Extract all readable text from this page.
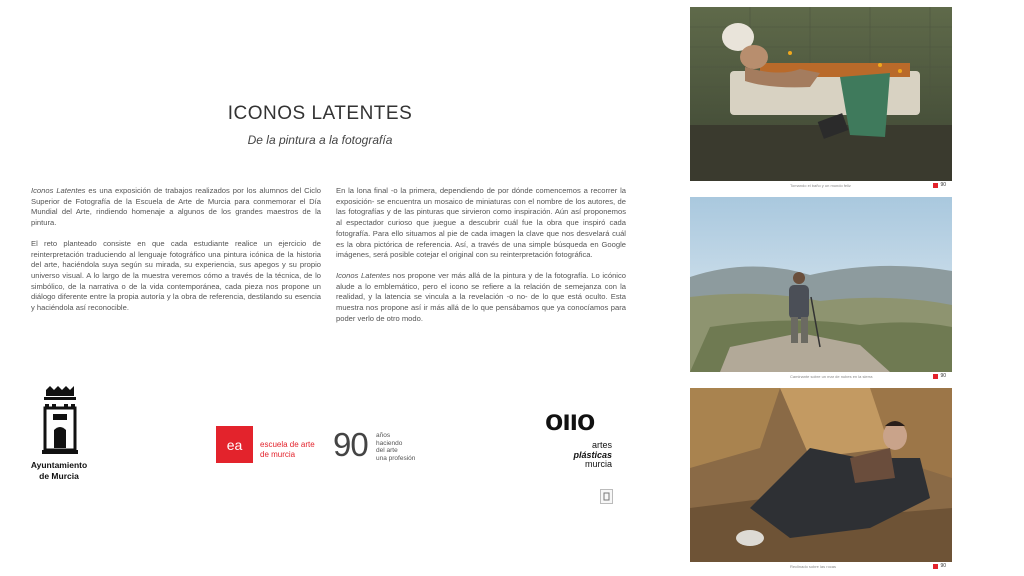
ICONOS LATENTES
De la pintura a la fotografía

Iconos Latentes es una exposición de trabajos realizados por los alumnos del Ciclo Superior de Fotografía de la Escuela de Arte de Murcia para conmemorar el Día Mundial del Arte, rindiendo homenaje a algunos de los grandes maestros de la pintura.

El reto planteado consiste en que cada estudiante realice un ejercicio de reinterpretación traduciendo al lenguaje fotográfico una pintura icónica de la historia del arte, haciéndola suya según su mirada, su experiencia, sus apegos y su propio universo visual. A lo largo de la muestra veremos cómo a través de la técnica, de lo simbólico, de la narrativa o de la vida contemporánea, cada pieza nos propone un diálogo diferente entre la propia autoría y la obra de referencia, destilando su esencia y haciéndola así reconocible.

En la lona final -o la primera, dependiendo de por dónde comencemos a recorrer la exposición- se encuentra un mosaico de miniaturas con el nombre de los autores, de las fotografías y de las pinturas que sirvieron como inspiración. Aún así proponemos al espectador curioso que juegue a descubrir cuál fue la obra que inspiró cada fotografía. Para ello situamos al pie de cada imagen la clave que nos desvelará cuál es la obra pictórica de referencia. Así, a través de una simple búsqueda en Google imágenes, será posible cotejar el original con su reinterpretación fotográfica.

Iconos Latentes nos propone ver más allá de la pintura y de la fotografía. Lo icónico alude a lo emblemático, pero el icono se refiere a la relación de semejanza con la realidad, y la latencia se vincula a la revelación -o no- de lo que está oculto. Esta muestra nos propone así ir más allá de lo que pensábamos que ya conocíamos para poder verlo de otro modo.

Ayuntamiento
de Murcia
ea	escuela de arte
de murcia	90 años
haciendo
del arte
una profesión
oııo
artes
plásticas
murcia
Tomando el baño y un mundo feliz	90
Caminante sobre un mar de nubes en la sierra	90
Reclinado sobre las rocas	90
